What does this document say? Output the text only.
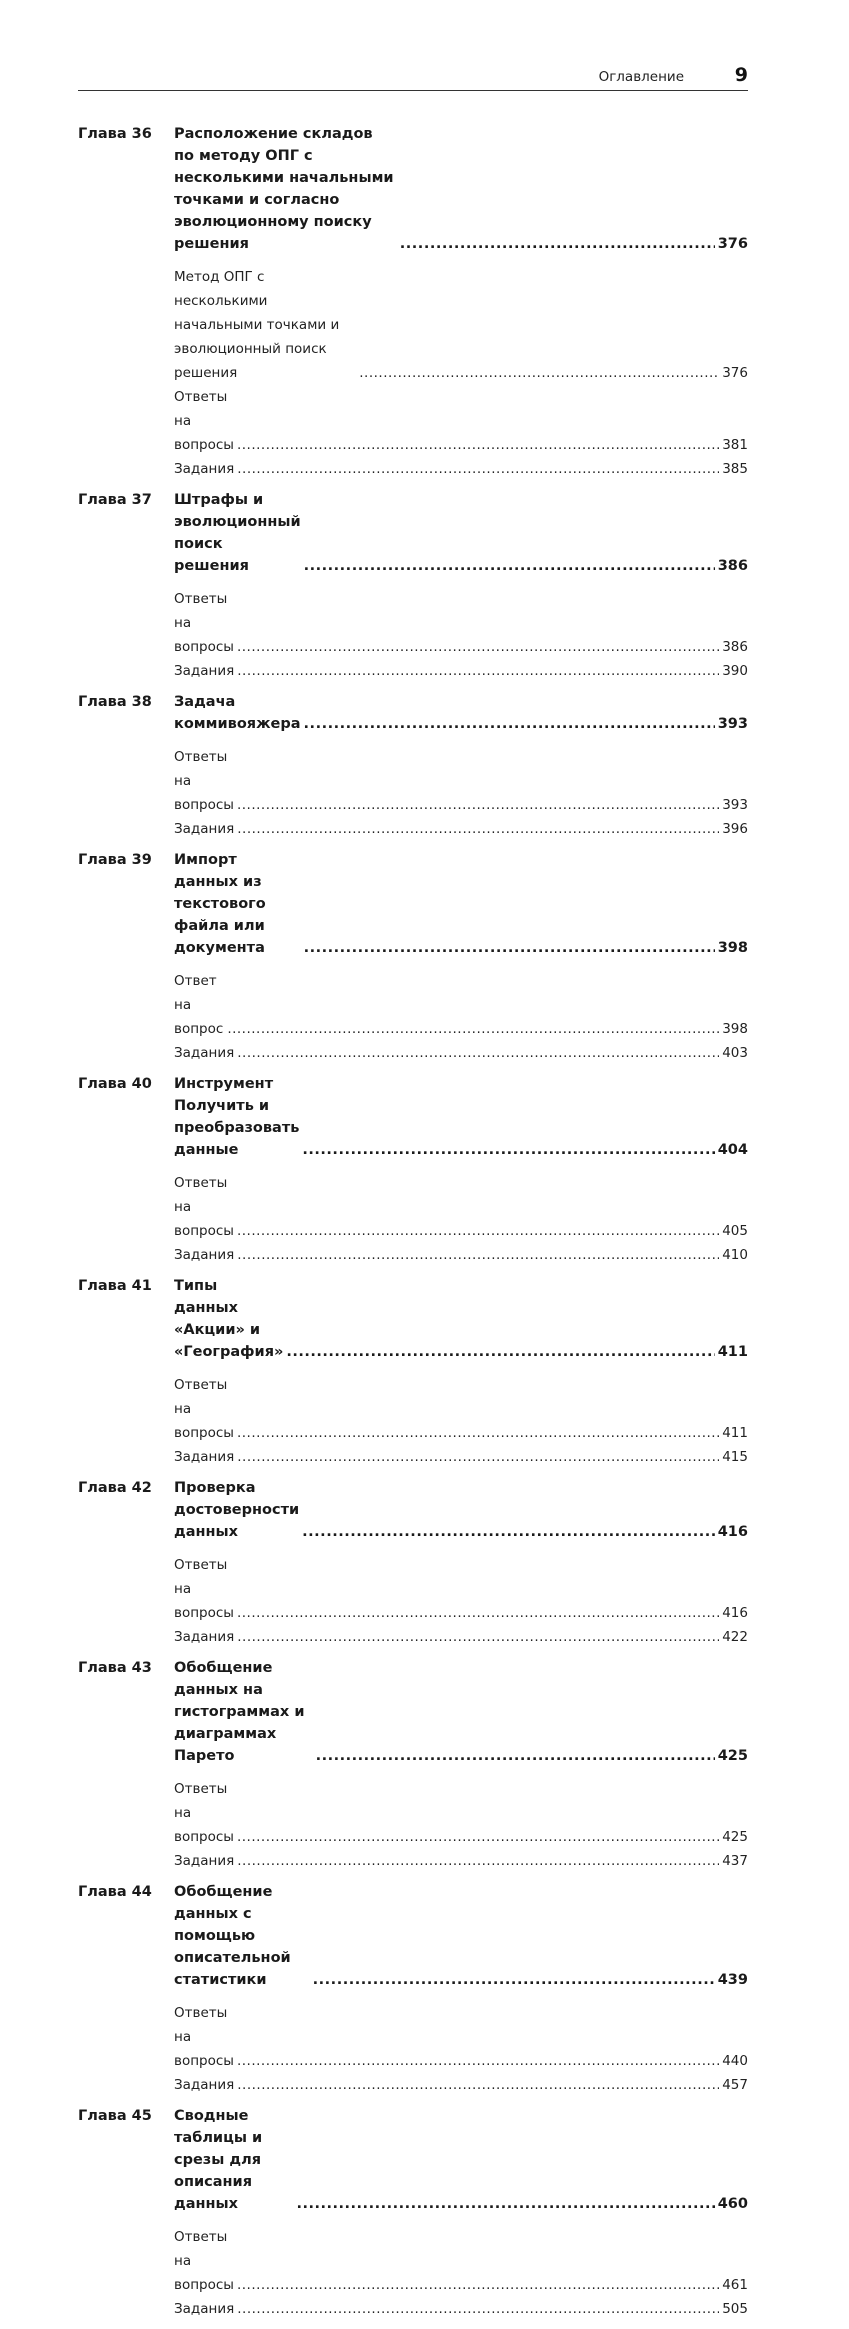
Оглавление	9
Глава 36	Расположение складов по методу ОПГ с несколькими начальными точками и согласно эволюционному поиску решения .....	376
Метод ОПГ с несколькими начальными точками и эволюционный поиск решения .....	376
Ответы на вопросы .....	381
Задания .....	385
Глава 37	Штрафы и эволюционный поиск решения .....	386
Ответы на вопросы .....	386
Задания .....	390
Глава 38	Задача коммивояжера .....	393
Ответы на вопросы .....	393
Задания .....	396
Глава 39	Импорт данных из текстового файла или документа .....	398
Ответ на вопрос .....	398
Задания .....	403
Глава 40	Инструмент Получить и преобразовать данные .....	404
Ответы на вопросы .....	405
Задания .....	410
Глава 41	Типы данных «Акции» и «География» .....	411
Ответы на вопросы .....	411
Задания .....	415
Глава 42	Проверка достоверности данных .....	416
Ответы на вопросы .....	416
Задания .....	422
Глава 43	Обобщение данных на гистограммах и диаграммах Парето .....	425
Ответы на вопросы .....	425
Задания .....	437
Глава 44	Обобщение данных с помощью описательной статистики .....	439
Ответы на вопросы .....	440
Задания .....	457
Глава 45	Сводные таблицы и срезы для описания данных .....	460
Ответы на вопросы .....	461
Задания .....	505
